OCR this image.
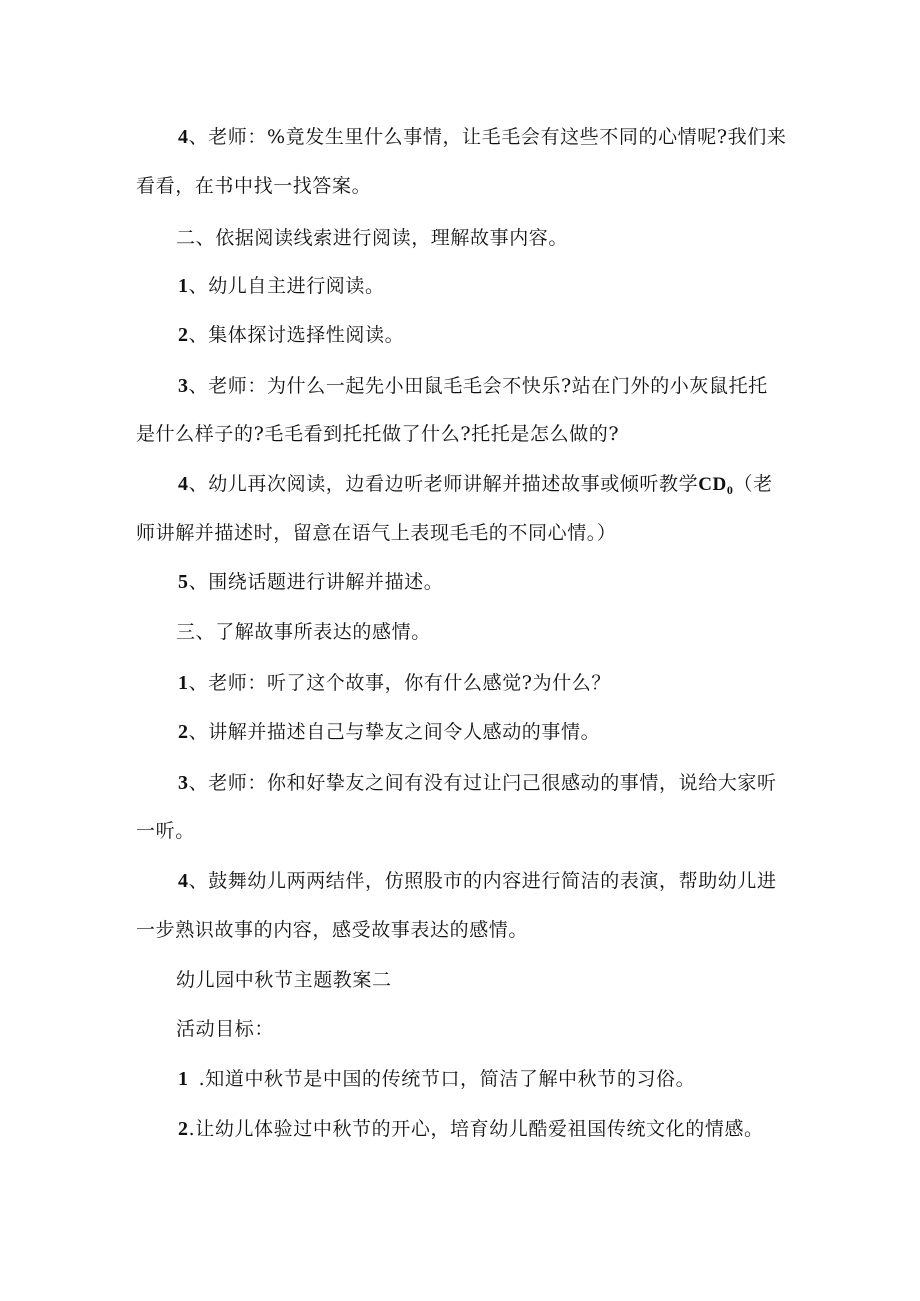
4、老师：%竟发生里什么事情，让毛毛会有这些不同的心情呢?我们来
看看，在书中找一找答案。
二、依据阅读线索进行阅读，理解故事内容。
1、幼儿自主进行阅读。
2、集体探讨选择性阅读。
3、老师：为什么一起先小田鼠毛毛会不快乐?站在门外的小灰鼠托托
是什么样子的?毛毛看到托托做了什么?托托是怎么做的?
4、幼儿再次阅读，边看边听老师讲解并描述故事或倾听教学$CD_0$（老
师讲解并描述时，留意在语气上表现毛毛的不同心情。）
5、围绕话题进行讲解并描述。
三、了解故事所表达的感情。
1、老师：听了这个故事，你有什么感觉?为什么？
2、讲解并描述自己与挚友之间令人感动的事情。
3、老师：你和好挚友之间有没有过让闩己很感动的事情，说给大家听
一听。
4、鼓舞幼儿两两结伴，仿照股市的内容进行简洁的表演，帮助幼儿进
一步熟识故事的内容，感受故事表达的感情。
幼儿园中秋节主题教案二
活动目标：
1 .知道中秋节是中国的传统节口，简洁了解中秋节的习俗。
2.让幼儿体验过中秋节的开心，培育幼儿酷爱祖国传统文化的情感。
